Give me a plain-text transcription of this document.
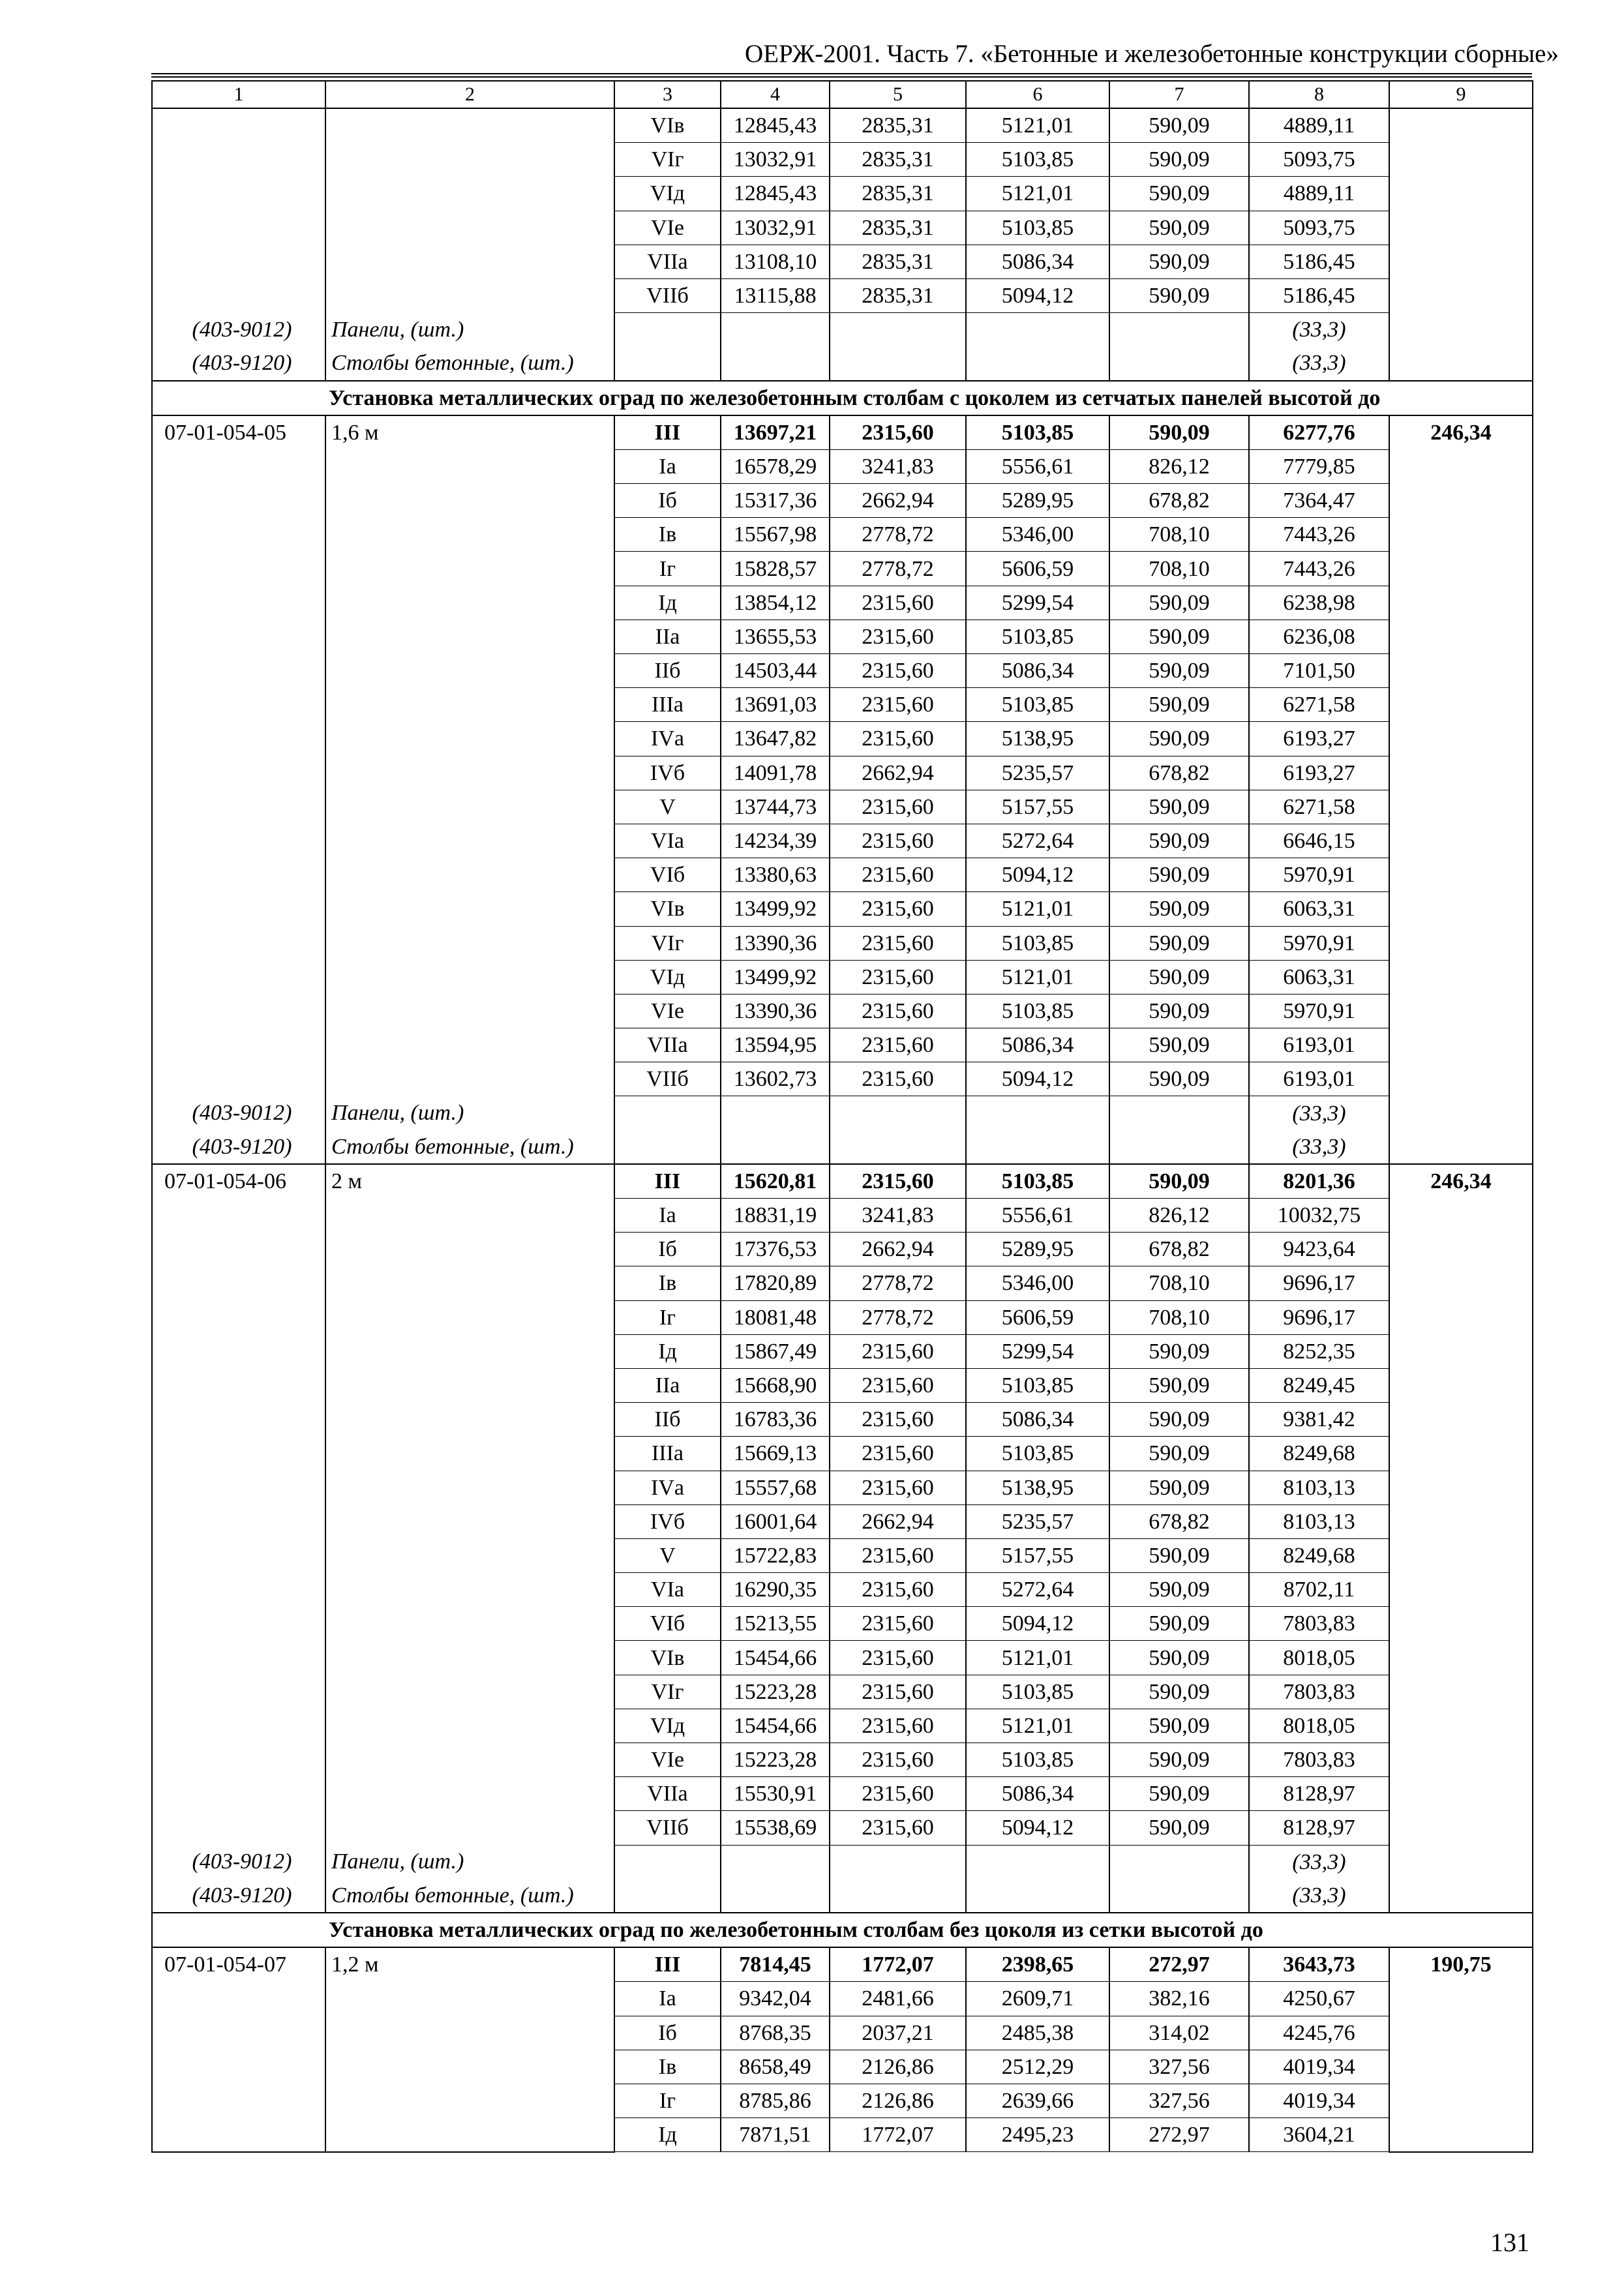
ОЕРЖ-2001. Часть 7. «Бетонные и железобетонные конструкции сборные»
1	2	3	4	5	6	7	8	9
		VIв	12845,43	2835,31	5121,01	590,09	4889,11	
		VIг	13032,91	2835,31	5103,85	590,09	5093,75	
		VIд	12845,43	2835,31	5121,01	590,09	4889,11	
		VIе	13032,91	2835,31	5103,85	590,09	5093,75	
		VIIа	13108,10	2835,31	5086,34	590,09	5186,45	
		VIIб	13115,88	2835,31	5094,12	590,09	5186,45	
(403-9012)	Панели, (шт.)						(33,3)	
(403-9120)	Столбы бетонные, (шт.)						(33,3)	
Установка металлических оград по железобетонным столбам с цоколем из сетчатых панелей высотой до								
07-01-054-05	1,6 м	III	13697,21	2315,60	5103,85	590,09	6277,76	246,34
		Iа	16578,29	3241,83	5556,61	826,12	7779,85	
		Iб	15317,36	2662,94	5289,95	678,82	7364,47	
		Iв	15567,98	2778,72	5346,00	708,10	7443,26	
		Iг	15828,57	2778,72	5606,59	708,10	7443,26	
		Iд	13854,12	2315,60	5299,54	590,09	6238,98	
		IIа	13655,53	2315,60	5103,85	590,09	6236,08	
		IIб	14503,44	2315,60	5086,34	590,09	7101,50	
		IIIа	13691,03	2315,60	5103,85	590,09	6271,58	
		IVа	13647,82	2315,60	5138,95	590,09	6193,27	
		IVб	14091,78	2662,94	5235,57	678,82	6193,27	
		V	13744,73	2315,60	5157,55	590,09	6271,58	
		VIа	14234,39	2315,60	5272,64	590,09	6646,15	
		VIб	13380,63	2315,60	5094,12	590,09	5970,91	
		VIв	13499,92	2315,60	5121,01	590,09	6063,31	
		VIг	13390,36	2315,60	5103,85	590,09	5970,91	
		VIд	13499,92	2315,60	5121,01	590,09	6063,31	
		VIе	13390,36	2315,60	5103,85	590,09	5970,91	
		VIIа	13594,95	2315,60	5086,34	590,09	6193,01	
		VIIб	13602,73	2315,60	5094,12	590,09	6193,01	
(403-9012)	Панели, (шт.)						(33,3)	
(403-9120)	Столбы бетонные, (шт.)						(33,3)	
07-01-054-06	2 м	III	15620,81	2315,60	5103,85	590,09	8201,36	246,34
		Iа	18831,19	3241,83	5556,61	826,12	10032,75	
		Iб	17376,53	2662,94	5289,95	678,82	9423,64	
		Iв	17820,89	2778,72	5346,00	708,10	9696,17	
		Iг	18081,48	2778,72	5606,59	708,10	9696,17	
		Iд	15867,49	2315,60	5299,54	590,09	8252,35	
		IIа	15668,90	2315,60	5103,85	590,09	8249,45	
		IIб	16783,36	2315,60	5086,34	590,09	9381,42	
		IIIа	15669,13	2315,60	5103,85	590,09	8249,68	
		IVа	15557,68	2315,60	5138,95	590,09	8103,13	
		IVб	16001,64	2662,94	5235,57	678,82	8103,13	
		V	15722,83	2315,60	5157,55	590,09	8249,68	
		VIа	16290,35	2315,60	5272,64	590,09	8702,11	
		VIб	15213,55	2315,60	5094,12	590,09	7803,83	
		VIв	15454,66	2315,60	5121,01	590,09	8018,05	
		VIг	15223,28	2315,60	5103,85	590,09	7803,83	
		VIд	15454,66	2315,60	5121,01	590,09	8018,05	
		VIе	15223,28	2315,60	5103,85	590,09	7803,83	
		VIIа	15530,91	2315,60	5086,34	590,09	8128,97	
		VIIб	15538,69	2315,60	5094,12	590,09	8128,97	
(403-9012)	Панели, (шт.)						(33,3)	
(403-9120)	Столбы бетонные, (шт.)						(33,3)	
Установка металлических оград по железобетонным столбам без цоколя из сетки высотой до								
07-01-054-07	1,2 м	III	7814,45	1772,07	2398,65	272,97	3643,73	190,75
		Iа	9342,04	2481,66	2609,71	382,16	4250,67	
		Iб	8768,35	2037,21	2485,38	314,02	4245,76	
		Iв	8658,49	2126,86	2512,29	327,56	4019,34	
		Iг	8785,86	2126,86	2639,66	327,56	4019,34	
		Iд	7871,51	1772,07	2495,23	272,97	3604,21	
131
